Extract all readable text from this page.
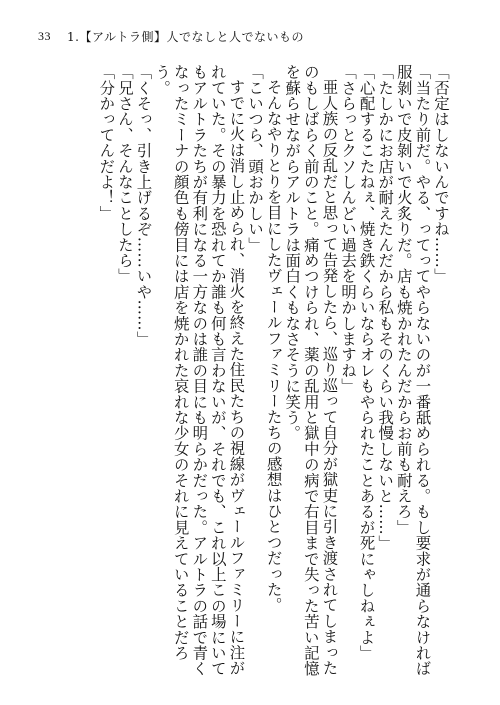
33 1.【アルトラ側】人でなしと人でないもの

「否定はしないんですね……」

「当たり前だ。やる、ってってやらないのが一番舐められる。もし要求が通らなければ服剝いで皮剝いで火炙りだ。店も焼かれたんだからお前も耐えろ」

「たしかにお店が耐えたんだから私もそのくらい我慢しないと……」

「心配するこたねぇ、焼き鉄くらいならオレもやられたことあるが死にゃしねぇよ」

「さらっとクソしんどい過去を明かしますね」

亜人族の反乱だと思って告発したら、巡り巡って自分が獄吏に引き渡されてしまったのもしばらく前のこと。痛めつけられ、薬の乱用と獄中の病で右目まで失った苦い記憶を蘇らせながらアルトラは面白くもなさそうに笑う。

そんなやりとりを目にしたヴェールファミリーたちの感想はひとつだった。

「こいつら、頭おかしい」

すでに火は消し止められ、消火を終えた住民たちの視線がヴェールファミリーに注がれていた。その暴力を恐れてか誰も何も言わないが、それでも、これ以上この場にいてもアルトラたちが有利になる一方なのは誰の目にも明らかだった。アルトラの話で青くなったミーナの顔色も傍目には店を焼かれた哀れな少女のそれに見えていることだろう。

「くそっ、引き上げるぞ……いや……」

「兄さん、そんなことしたら」

「分かってんだよ！」
